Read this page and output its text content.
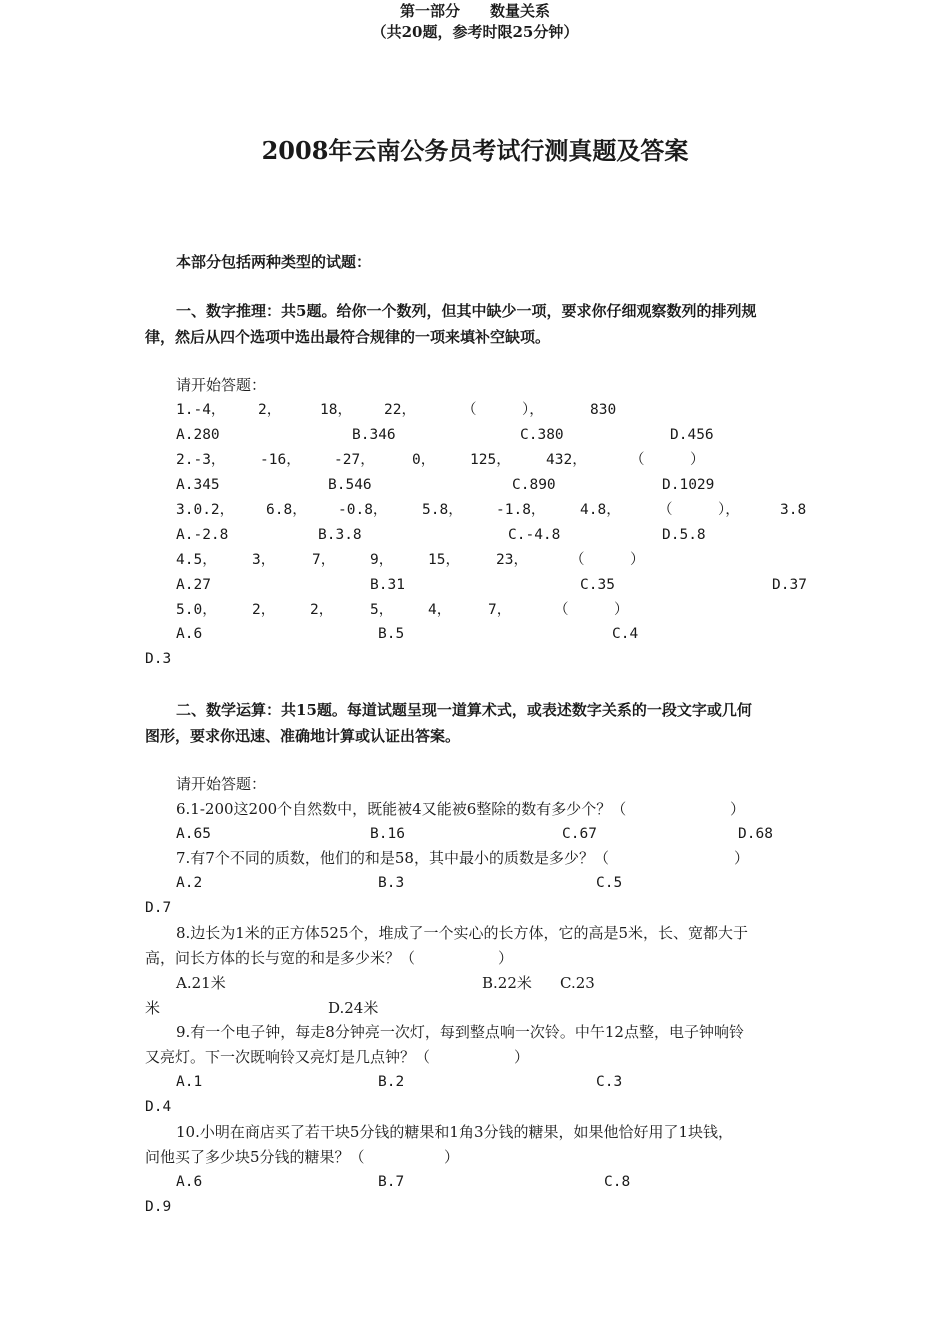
2008年云南公务员考试行测真题及答案
第一部分　　数量关系
（共20题，参考时限25分钟）
本部分包括两种类型的试题：
一、数字推理：共5题。给你一个数列，但其中缺少一项，要求你仔细观察数列的排列规
律，然后从四个选项中选出最符合规律的一项来填补空缺项。
请开始答题：
1.-4， 2，	18， 22，	（	），	830
A.280	B.346	C.380	D.456
2.-3， -16， -27，	0， 125， 432，	（	）
A.345	B.546	C.890	D.1029
3.0.2， 6.8， -0.8， 5.8， -1.8， 4.8，	（	），	3.8
A.-2.8	B.3.8	C.-4.8	D.5.8
4.5， 3，	7， 9， 15， 23，	（	）
A.27	B.31	C.35	D.37
5.0， 2， 2，	5， 4，	7，	（	）
A.6	B.5	C.4
D.3
二、数学运算：共15题。每道试题呈现一道算术式，或表述数字关系的一段文字或几何
图形，要求你迅速、准确地计算或认证出答案。
请开始答题：
6.1-200这200个自然数中，既能被4又能被6整除的数有多少个？（	）
A.65	B.16	C.67	D.68
7.有7个不同的质数，他们的和是58，其中最小的质数是多少？（	）
A.2	B.3	C.5
D.7
8.边长为1米的正方体525个，堆成了一个实心的长方体，它的高是5米，长、宽都大于
高，问长方体的长与宽的和是多少米？（	）
A.21米	B.22米 C.23
米	D.24米
9.有一个电子钟，每走8分钟亮一次灯，每到整点响一次铃。中午12点整，电子钟响铃
又亮灯。下一次既响铃又亮灯是几点钟？（	）
A.1	B.2	C.3
D.4
10.小明在商店买了若干块5分钱的糖果和1角3分钱的糖果，如果他恰好用了1块钱，
问他买了多少块5分钱的糖果？（	）
A.6	B.7	C.8
D.9
